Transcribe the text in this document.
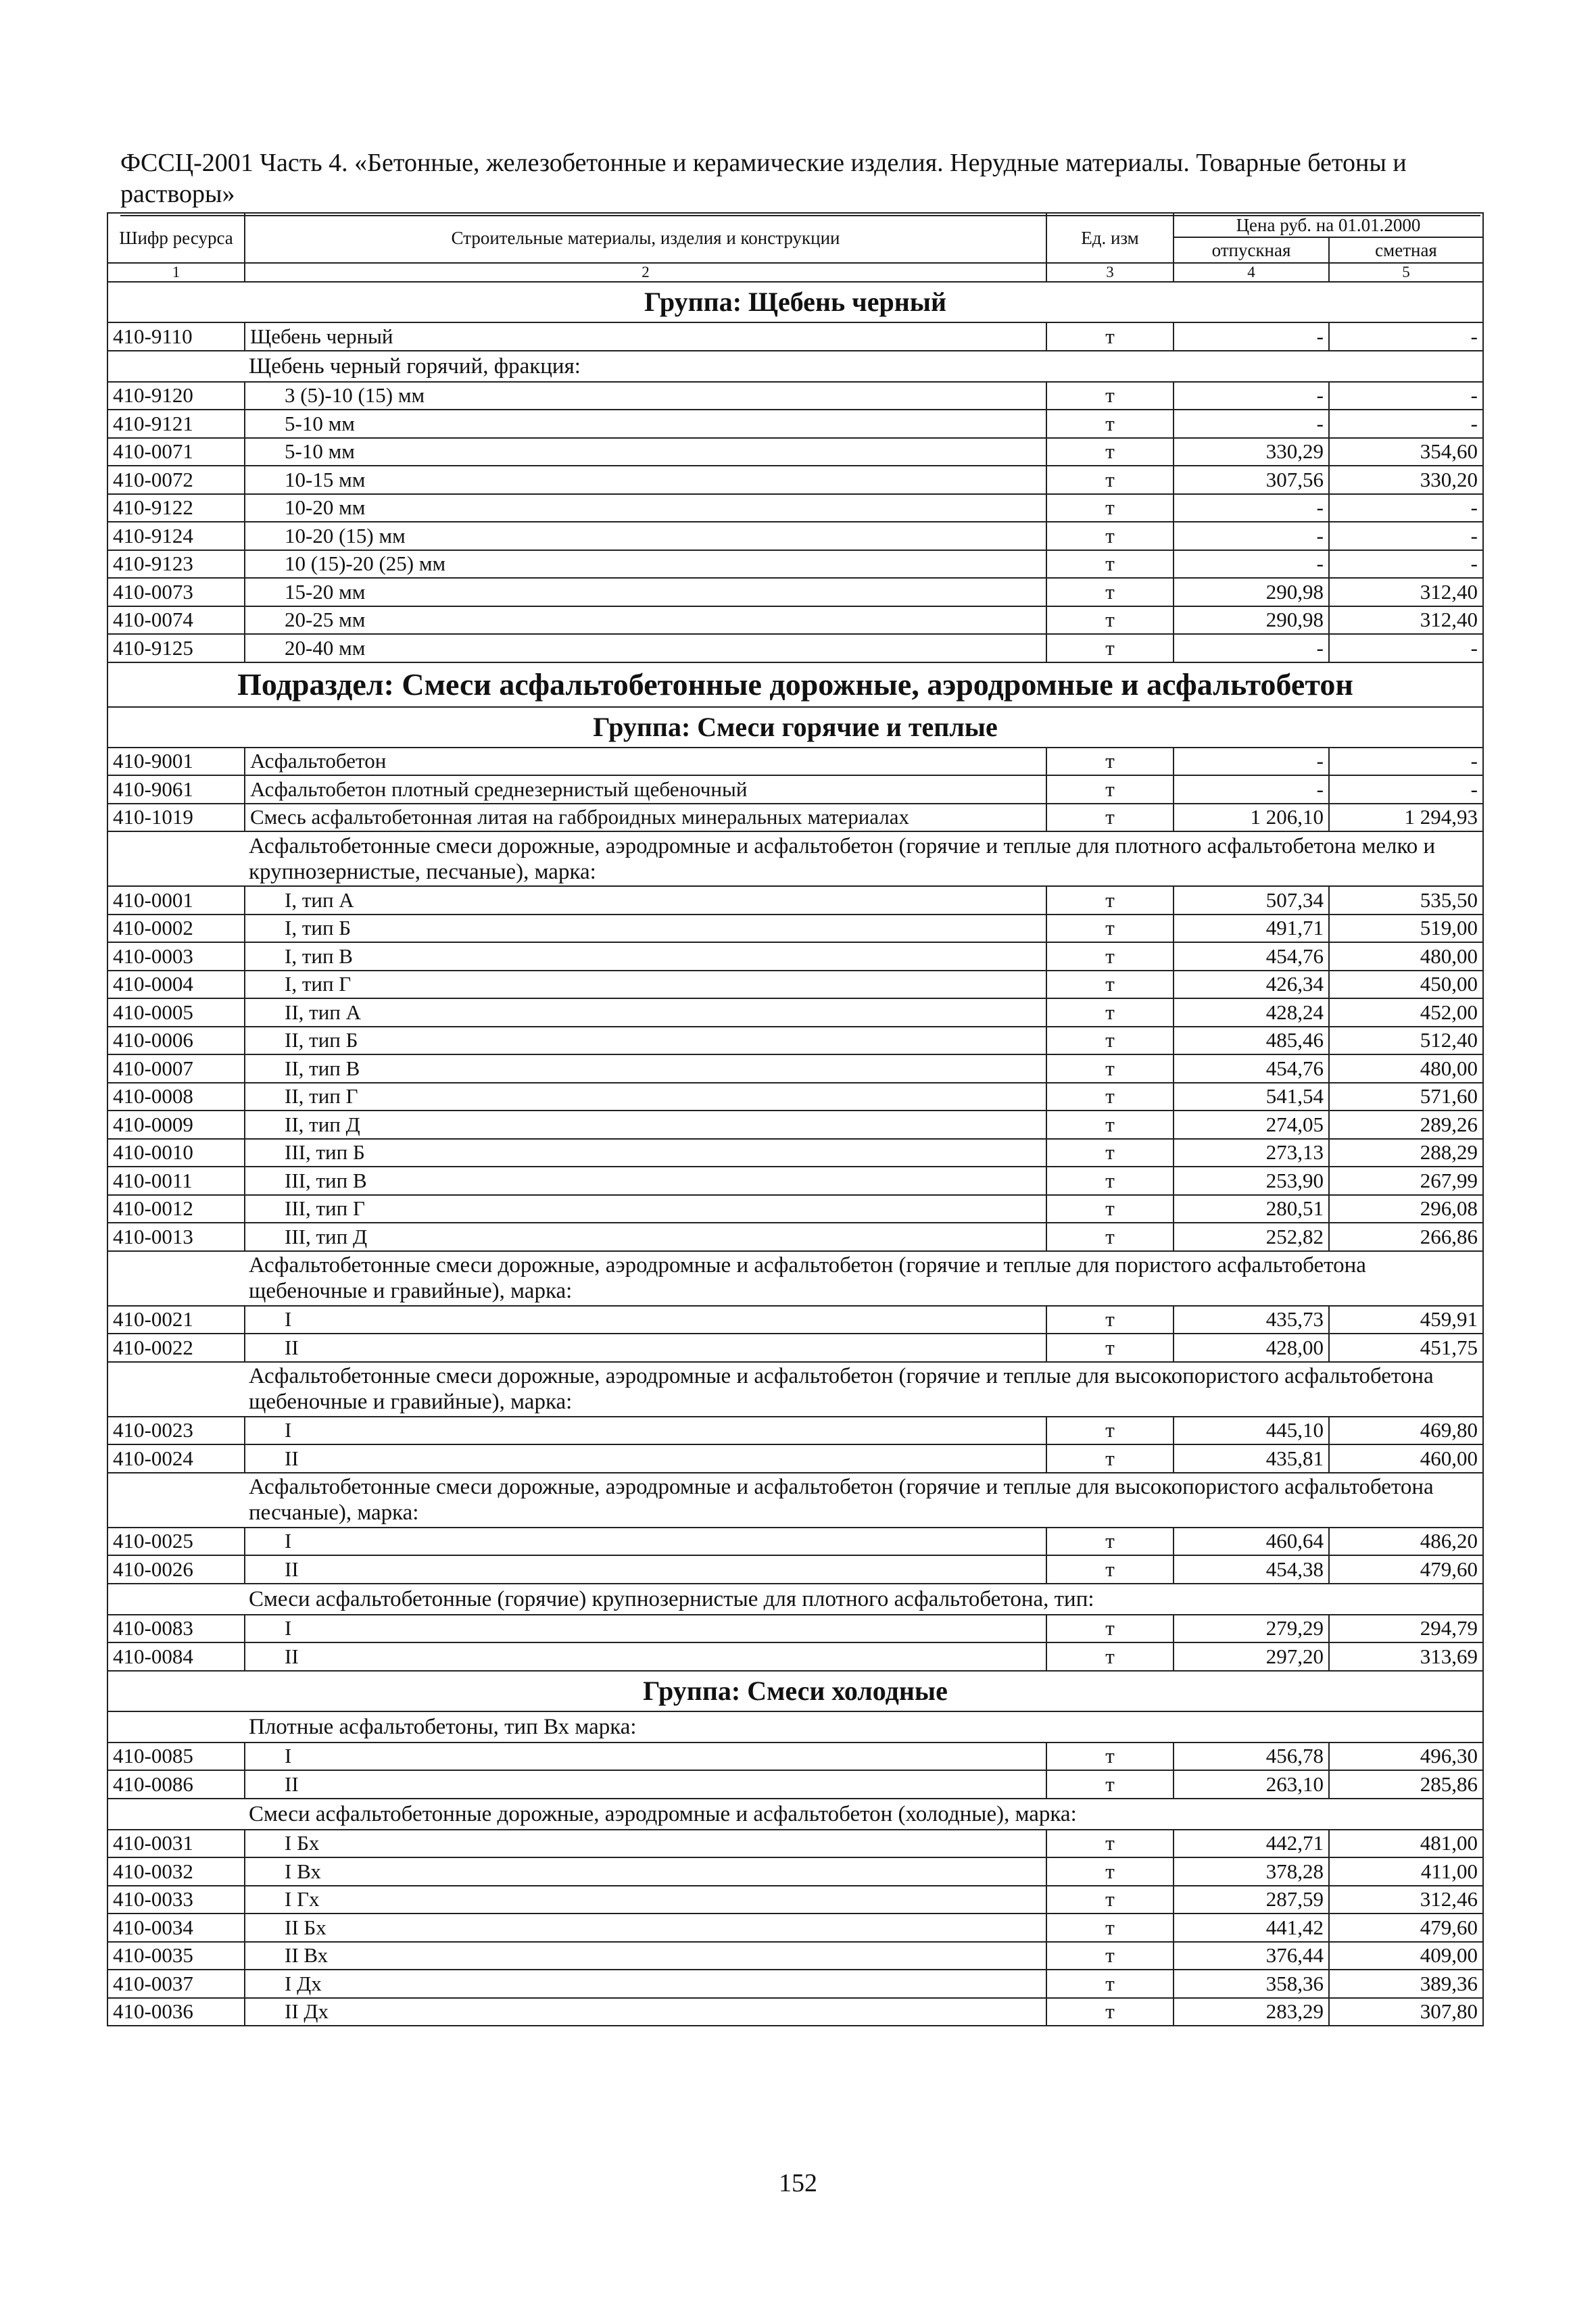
ФССЦ-2001 Часть 4. «Бетонные, железобетонные и керамические изделия. Нерудные материалы. Товарные бетоны и растворы»
Шифр ресурса	Строительные материалы, изделия и конструкции	Ед. изм	Цена руб. на 01.01.2000	
			отпускная	сметная
1	2	3	4	5
Группа: Щебень черный				
410-9110	Щебень черный	т	-	-
Щебень черный горячий, фракция:				
410-9120	3 (5)-10 (15) мм	т	-	-
410-9121	5-10 мм	т	-	-
410-0071	5-10 мм	т	330,29	354,60
410-0072	10-15 мм	т	307,56	330,20
410-9122	10-20 мм	т	-	-
410-9124	10-20 (15) мм	т	-	-
410-9123	10 (15)-20 (25) мм	т	-	-
410-0073	15-20 мм	т	290,98	312,40
410-0074	20-25 мм	т	290,98	312,40
410-9125	20-40 мм	т	-	-
Подраздел: Смеси асфальтобетонные дорожные, аэродромные и асфальтобетон				
Группа: Смеси горячие и теплые				
410-9001	Асфальтобетон	т	-	-
410-9061	Асфальтобетон плотный среднезернистый щебеночный	т	-	-
410-1019	Смесь асфальтобетонная литая на габброидных минеральных материалах	т	1 206,10	1 294,93
Асфальтобетонные смеси дорожные, аэродромные и асфальтобетон (горячие и теплые для плотного асфальтобетона мелко и крупнозернистые, песчаные), марка:				
410-0001	I, тип А	т	507,34	535,50
410-0002	I, тип Б	т	491,71	519,00
410-0003	I, тип В	т	454,76	480,00
410-0004	I, тип Г	т	426,34	450,00
410-0005	II, тип А	т	428,24	452,00
410-0006	II, тип Б	т	485,46	512,40
410-0007	II, тип В	т	454,76	480,00
410-0008	II, тип Г	т	541,54	571,60
410-0009	II, тип Д	т	274,05	289,26
410-0010	III, тип Б	т	273,13	288,29
410-0011	III, тип В	т	253,90	267,99
410-0012	III, тип Г	т	280,51	296,08
410-0013	III, тип Д	т	252,82	266,86
Асфальтобетонные смеси дорожные, аэродромные и асфальтобетон (горячие и теплые для пористого асфальтобетона щебеночные и гравийные), марка:				
410-0021	I	т	435,73	459,91
410-0022	II	т	428,00	451,75
Асфальтобетонные смеси дорожные, аэродромные и асфальтобетон (горячие и теплые для высокопористого асфальтобетона щебеночные и гравийные), марка:				
410-0023	I	т	445,10	469,80
410-0024	II	т	435,81	460,00
Асфальтобетонные смеси дорожные, аэродромные и асфальтобетон (горячие и теплые для высокопористого асфальтобетона песчаные), марка:				
410-0025	I	т	460,64	486,20
410-0026	II	т	454,38	479,60
Смеси асфальтобетонные (горячие) крупнозернистые для плотного асфальтобетона, тип:				
410-0083	I	т	279,29	294,79
410-0084	II	т	297,20	313,69
Группа: Смеси холодные				
Плотные асфальтобетоны, тип Вх марка:				
410-0085	I	т	456,78	496,30
410-0086	II	т	263,10	285,86
Смеси асфальтобетонные дорожные, аэродромные и асфальтобетон (холодные), марка:				
410-0031	I Бх	т	442,71	481,00
410-0032	I Вх	т	378,28	411,00
410-0033	I Гх	т	287,59	312,46
410-0034	II Бх	т	441,42	479,60
410-0035	II Вх	т	376,44	409,00
410-0037	I Дх	т	358,36	389,36
410-0036	II Дх	т	283,29	307,80
152
